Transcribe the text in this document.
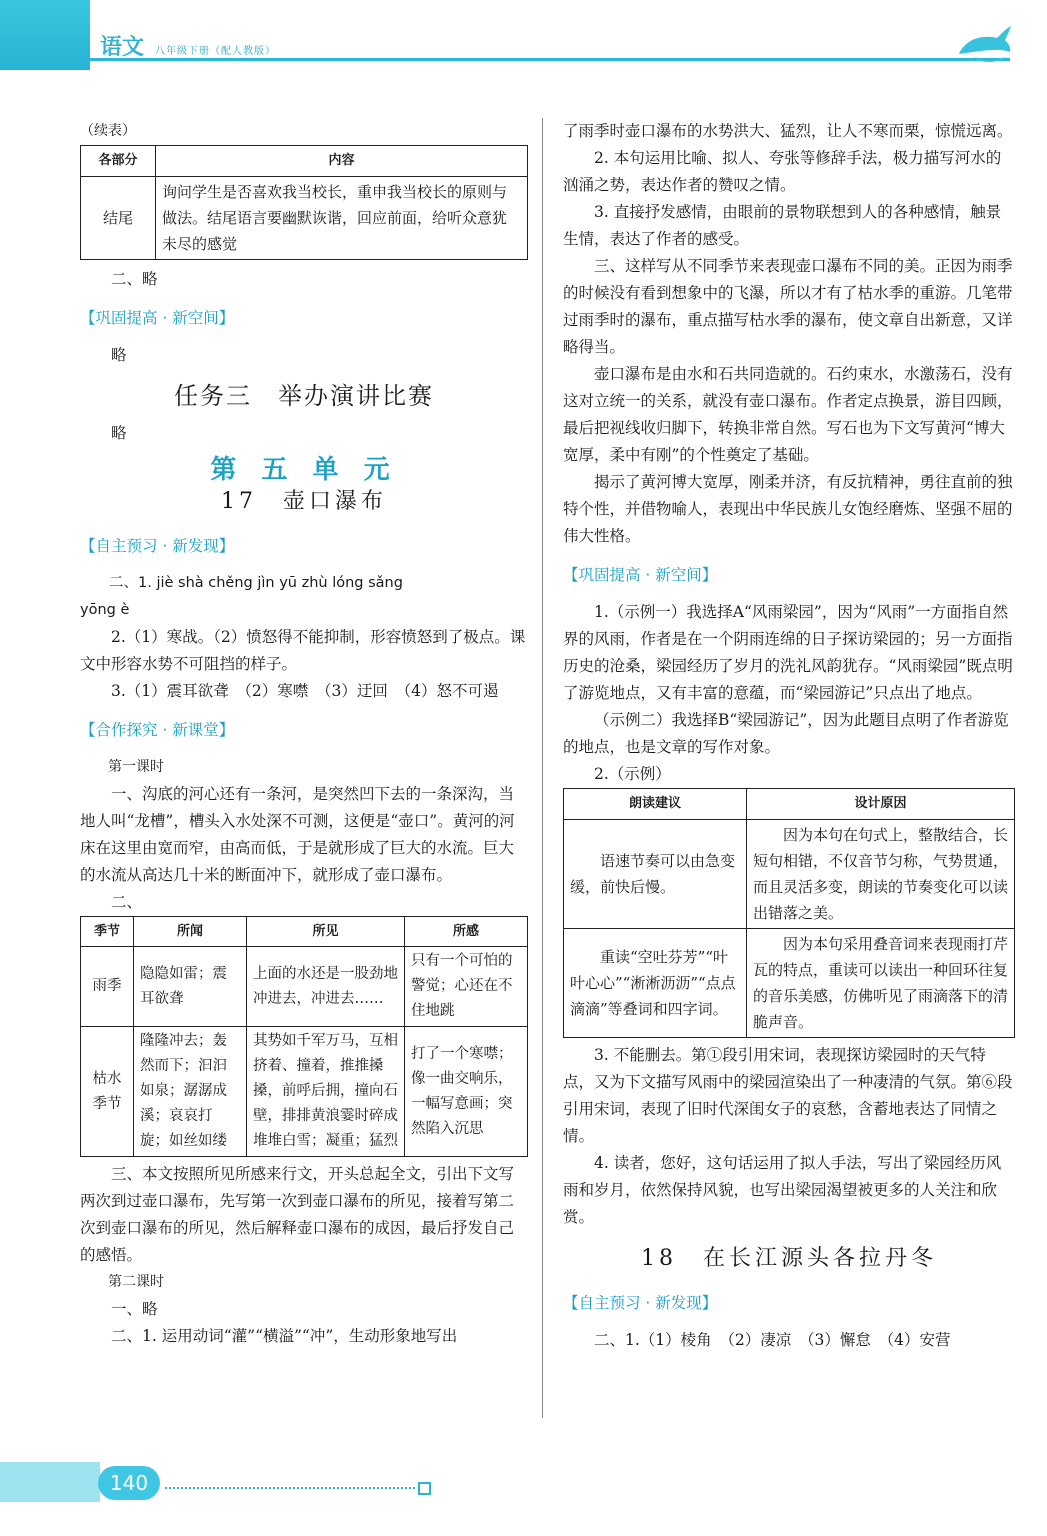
语文 八年级下册（配人教版）

（续表）

各部分	内容
结尾	询问学生是否喜欢我当校长，重申我当校长的原则与做法。结尾语言要幽默诙谐，回应前面，给听众意犹未尽的感觉

二、略

【巩固提高 · 新空间】

略

任务三　举办演讲比赛

略

第 五 单 元

17　壶口瀑布

【自主预习 · 新发现】

二、1. jiè shà chěng jìn yū zhù lóng sǎng

yōng è

2.（1）寒战。（2）愤怒得不能抑制，形容愤怒到了极点。课文中形容水势不可阻挡的样子。

3.（1）震耳欲聋　（2）寒噤　（3）迂回　（4）怒不可遏

【合作探究 · 新课堂】

第一课时

一、沟底的河心还有一条河，是突然凹下去的一条深沟，当地人叫“龙槽”，槽头入水处深不可测，这便是“壶口”。黄河的河床在这里由宽而窄，由高而低，于是就形成了巨大的水流。巨大的水流从高达几十米的断面冲下，就形成了壶口瀑布。

二、

季节	所闻	所见	所感
雨季	隐隐如雷；震耳欲聋	上面的水还是一股劲地冲进去，冲进去……	只有一个可怕的警觉；心还在不住地跳
枯水季节	隆隆冲去；轰然而下；汩汩如泉；潺潺成溪；哀哀打旋；如丝如缕	其势如千军万马，互相挤着、撞着，推推搡搡，前呼后拥，撞向石壁，排排黄浪霎时碎成堆堆白雪；凝重；猛烈	打了一个寒噤；像一曲交响乐，一幅写意画；突然陷入沉思

三、本文按照所见所感来行文，开头总起全文，引出下文写两次到过壶口瀑布，先写第一次到壶口瀑布的所见，接着写第二次到壶口瀑布的所见，然后解释壶口瀑布的成因，最后抒发自己的感悟。

第二课时

一、略

二、1. 运用动词“灌”“横溢”“冲”，生动形象地写出

了雨季时壶口瀑布的水势洪大、猛烈，让人不寒而栗，惊慌远离。

2. 本句运用比喻、拟人、夸张等修辞手法，极力描写河水的汹涌之势，表达作者的赞叹之情。

3. 直接抒发感情，由眼前的景物联想到人的各种感情，触景生情，表达了作者的感受。

三、这样写从不同季节来表现壶口瀑布不同的美。正因为雨季的时候没有看到想象中的飞瀑，所以才有了枯水季的重游。几笔带过雨季时的瀑布，重点描写枯水季的瀑布，使文章自出新意，又详略得当。

壶口瀑布是由水和石共同造就的。石约束水，水激荡石，没有这对立统一的关系，就没有壶口瀑布。作者定点换景，游目四顾，最后把视线收归脚下，转换非常自然。写石也为下文写黄河“博大宽厚，柔中有刚”的个性奠定了基础。

揭示了黄河博大宽厚，刚柔并济，有反抗精神，勇往直前的独特个性，并借物喻人，表现出中华民族儿女饱经磨炼、坚强不屈的伟大性格。

【巩固提高 · 新空间】

1.（示例一）我选择A“风雨梁园”，因为“风雨”一方面指自然界的风雨，作者是在一个阴雨连绵的日子探访梁园的；另一方面指历史的沧桑，梁园经历了岁月的洗礼风韵犹存。“风雨梁园”既点明了游览地点，又有丰富的意蕴，而“梁园游记”只点出了地点。

（示例二）我选择B“梁园游记”，因为此题目点明了作者游览的地点，也是文章的写作对象。

2.（示例）

朗读建议	设计原因
语速节奏可以由急变缓，前快后慢。	因为本句在句式上，整散结合，长短句相错，不仅音节匀称，气势贯通，而且灵活多变，朗读的节奏变化可以读出错落之美。
重读“空吐芬芳”“叶叶心心”“淅淅沥沥”“点点滴滴”等叠词和四字词。	因为本句采用叠音词来表现雨打芹瓦的特点，重读可以读出一种回环往复的音乐美感，仿佛听见了雨滴落下的清脆声音。

3. 不能删去。第①段引用宋词，表现探访梁园时的天气特点，又为下文描写风雨中的梁园渲染出了一种凄清的气氛。第⑥段引用宋词，表现了旧时代深闺女子的哀愁，含蓄地表达了同情之情。

4. 读者，您好，这句话运用了拟人手法，写出了梁园经历风雨和岁月，依然保持风貌，也写出梁园渴望被更多的人关注和欣赏。

18　在长江源头各拉丹冬

【自主预习 · 新发现】

二、1.（1）棱角　（2）凄凉　（3）懈怠　（4）安营

140
